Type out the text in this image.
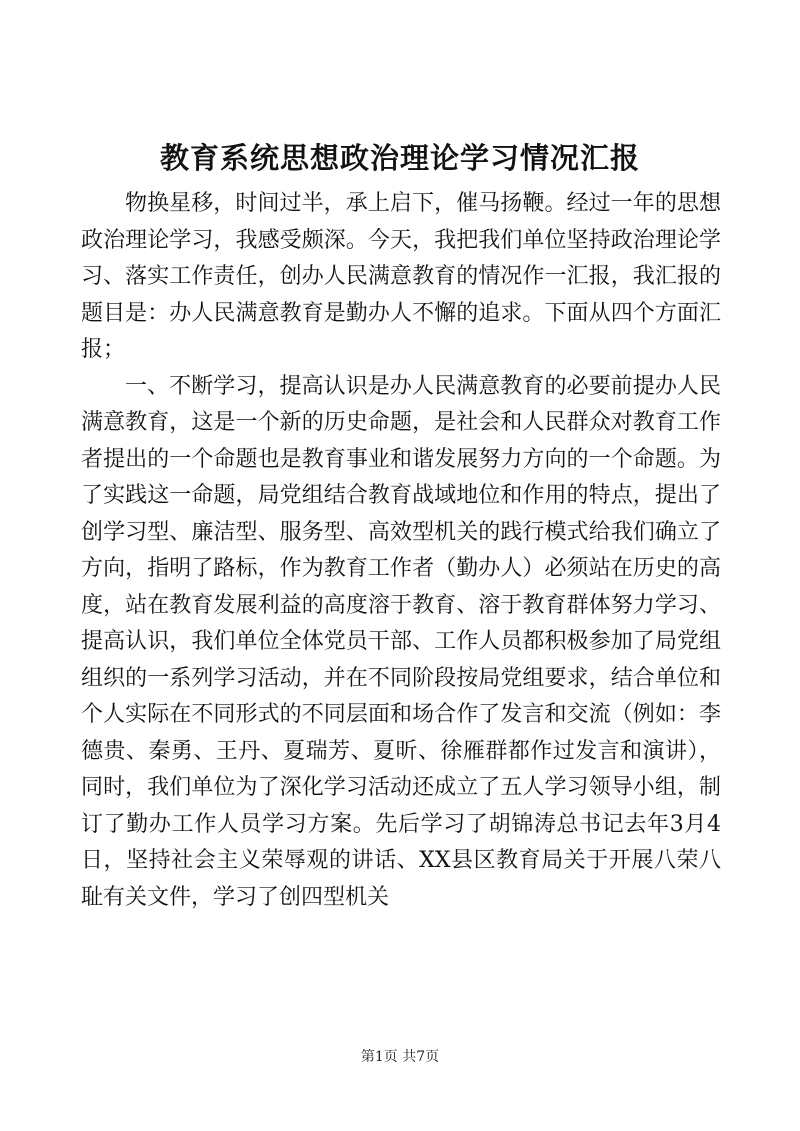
教育系统思想政治理论学习情况汇报

物换星移，时间过半，承上启下，催马扬鞭。经过一年的思想政治理论学习，我感受颇深。今天，我把我们单位坚持政治理论学习、落实工作责任，创办人民满意教育的情况作一汇报，我汇报的题目是：办人民满意教育是勤办人不懈的追求。下面从四个方面汇报；

一、不断学习，提高认识是办人民满意教育的必要前提办人民满意教育，这是一个新的历史命题，是社会和人民群众对教育工作者提出的一个命题也是教育事业和谐发展努力方向的一个命题。为了实践这一命题，局党组结合教育战域地位和作用的特点，提出了创学习型、廉洁型、服务型、高效型机关的践行模式给我们确立了方向，指明了路标，作为教育工作者（勤办人）必须站在历史的高度，站在教育发展利益的高度溶于教育、溶于教育群体努力学习、提高认识，我们单位全体党员干部、工作人员都积极参加了局党组组织的一系列学习活动，并在不同阶段按局党组要求，结合单位和个人实际在不同形式的不同层面和场合作了发言和交流（例如：李德贵、秦勇、王丹、夏瑞芳、夏昕、徐雁群都作过发言和演讲），同时，我们单位为了深化学习活动还成立了五人学习领导小组，制订了勤办工作人员学习方案。先后学习了胡锦涛总书记去年3月4日，坚持社会主义荣辱观的讲话、XX县区教育局关于开展八荣八耻有关文件，学习了创四型机关

第1页 共7页
